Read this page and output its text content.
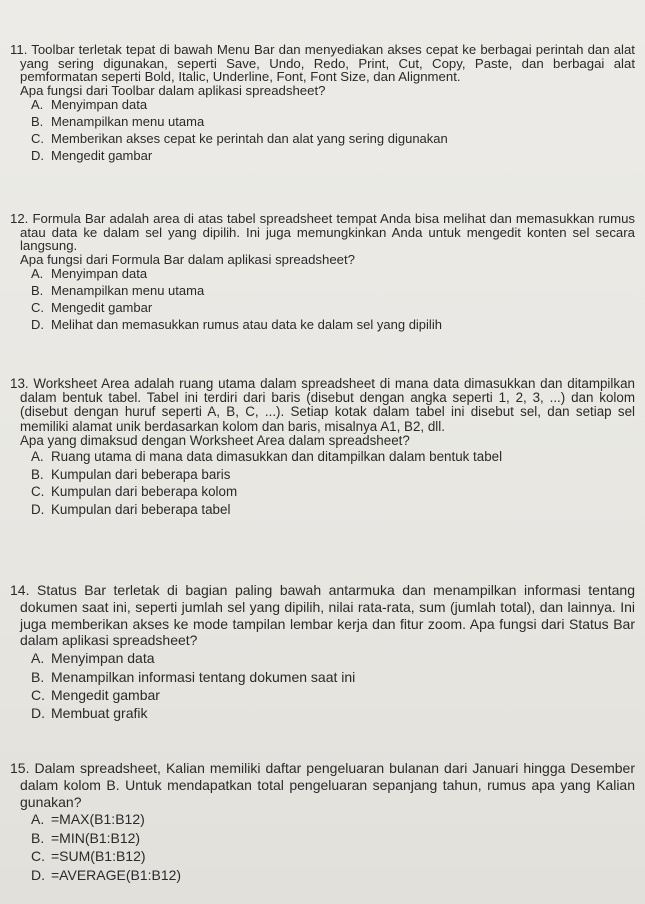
11. Toolbar terletak tepat di bawah Menu Bar dan menyediakan akses cepat ke berbagai perintah dan alat yang sering digunakan, seperti Save, Undo, Redo, Print, Cut, Copy, Paste, dan berbagai alat pemformatan seperti Bold, Italic, Underline, Font, Font Size, dan Alignment.

Apa fungsi dari Toolbar dalam aplikasi spreadsheet?

A. Menyimpan data
B. Menampilkan menu utama
C. Memberikan akses cepat ke perintah dan alat yang sering digunakan
D. Mengedit gambar

12. Formula Bar adalah area di atas tabel spreadsheet tempat Anda bisa melihat dan memasukkan rumus atau data ke dalam sel yang dipilih. Ini juga memungkinkan Anda untuk mengedit konten sel secara langsung.

Apa fungsi dari Formula Bar dalam aplikasi spreadsheet?

A. Menyimpan data
B. Menampilkan menu utama
C. Mengedit gambar
D. Melihat dan memasukkan rumus atau data ke dalam sel yang dipilih

13. Worksheet Area adalah ruang utama dalam spreadsheet di mana data dimasukkan dan ditampilkan dalam bentuk tabel. Tabel ini terdiri dari baris (disebut dengan angka seperti 1, 2, 3, ...) dan kolom (disebut dengan huruf seperti A, B, C, ...). Setiap kotak dalam tabel ini disebut sel, dan setiap sel memiliki alamat unik berdasarkan kolom dan baris, misalnya A1, B2, dll.

Apa yang dimaksud dengan Worksheet Area dalam spreadsheet?

A. Ruang utama di mana data dimasukkan dan ditampilkan dalam bentuk tabel
B. Kumpulan dari beberapa baris
C. Kumpulan dari beberapa kolom
D. Kumpulan dari beberapa tabel

14. Status Bar terletak di bagian paling bawah antarmuka dan menampilkan informasi tentang dokumen saat ini, seperti jumlah sel yang dipilih, nilai rata-rata, sum (jumlah total), dan lainnya. Ini juga memberikan akses ke mode tampilan lembar kerja dan fitur zoom. Apa fungsi dari Status Bar dalam aplikasi spreadsheet?

A. Menyimpan data
B. Menampilkan informasi tentang dokumen saat ini
C. Mengedit gambar
D. Membuat grafik

15. Dalam spreadsheet, Kalian memiliki daftar pengeluaran bulanan dari Januari hingga Desember dalam kolom B. Untuk mendapatkan total pengeluaran sepanjang tahun, rumus apa yang Kalian gunakan?

A. =MAX(B1:B12)
B. =MIN(B1:B12)
C. =SUM(B1:B12)
D. =AVERAGE(B1:B12)
